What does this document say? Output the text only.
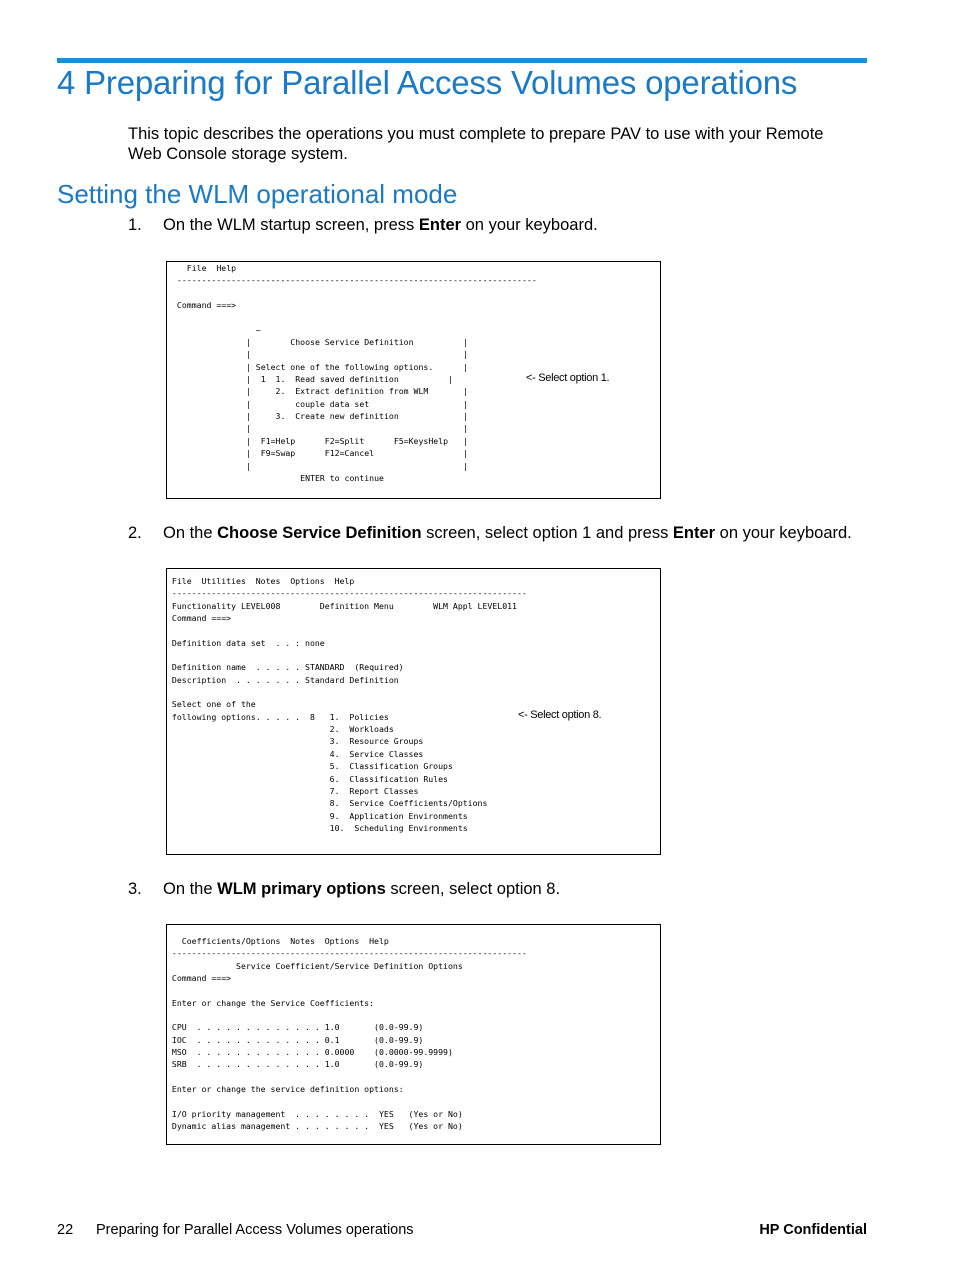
4 Preparing for Parallel Access Volumes operations

This topic describes the operations you must complete to prepare PAV to use with your Remote Web Console storage system.

Setting the WLM operational mode
1. On the WLM startup screen, press Enter on your keyboard.
File  Help
-------------------------------------------------------------------------

Command ===>

~
|        Choose Service Definition          |
|                                           |
| Select one of the following options.      |
|  1  1.  Read saved definition          |
|     2.  Extract definition from WLM       |
|         couple data set                   |
|     3.  Create new definition             |
|                                           |
|  F1=Help      F2=Split      F5=KeysHelp   |
|  F9=Swap      F12=Cancel                  |
|                                           |
ENTER to continue
<- Select option 1.
2. On the Choose Service Definition screen, select option 1 and press Enter on your keyboard.
File  Utilities  Notes  Options  Help
------------------------------------------------------------------------
Functionality LEVEL008        Definition Menu        WLM Appl LEVEL011
Command ===>

Definition data set  . . : none

Definition name  . . . . . STANDARD  (Required)
Description  . . . . . . . Standard Definition

Select one of the
following options. . . . .  8   1.  Policies
2.  Workloads
3.  Resource Groups
4.  Service Classes
5.  Classification Groups
6.  Classification Rules
7.  Report Classes
8.  Service Coefficients/Options
9.  Application Environments
10.  Scheduling Environments
<- Select option 8.
3. On the WLM primary options screen, select option 8.
Coefficients/Options  Notes  Options  Help
------------------------------------------------------------------------
Service Coefficient/Service Definition Options
Command ===>

Enter or change the Service Coefficients:

CPU  . . . . . . . . . . . . . 1.0       (0.0-99.9)
IOC  . . . . . . . . . . . . . 0.1       (0.0-99.9)
MSO  . . . . . . . . . . . . . 0.0000    (0.0000-99.9999)
SRB  . . . . . . . . . . . . . 1.0       (0.0-99.9)

Enter or change the service definition options:

I/O priority management  . . . . . . . .  YES   (Yes or No)
Dynamic alias management . . . . . . . .  YES   (Yes or No)
22 Preparing for Parallel Access Volumes operations	HP Confidential
